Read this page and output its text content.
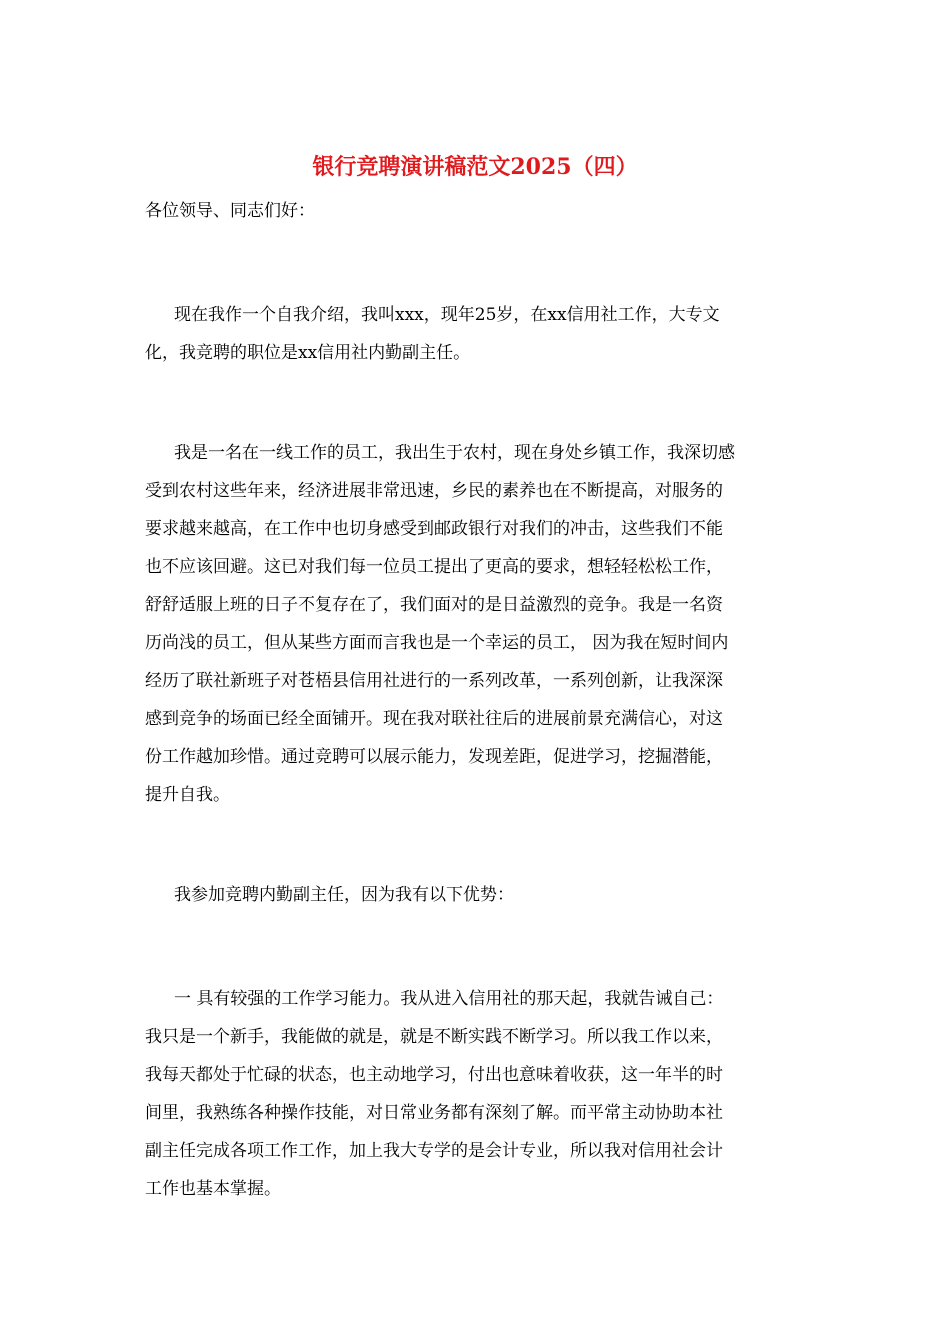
银行竞聘演讲稿范文2025（四）
各位领导、同志们好：
现在我作一个自我介绍，我叫xxx，现年25岁，在xx信用社工作，大专文
化，我竞聘的职位是xx信用社内勤副主任。
我是一名在一线工作的员工，我出生于农村，现在身处乡镇工作，我深切感
受到农村这些年来，经济进展非常迅速，乡民的素养也在不断提高，对服务的
要求越来越高，在工作中也切身感受到邮政银行对我们的冲击，这些我们不能
也不应该回避。这已对我们每一位员工提出了更高的要求，想轻轻松松工作，
舒舒适服上班的日子不复存在了，我们面对的是日益激烈的竞争。我是一名资
历尚浅的员工，但从某些方面而言我也是一个幸运的员工， 因为我在短时间内
经历了联社新班子对苍梧县信用社进行的一系列改革，一系列创新，让我深深
感到竞争的场面已经全面铺开。现在我对联社往后的进展前景充满信心，对这
份工作越加珍惜。通过竞聘可以展示能力，发现差距，促进学习，挖掘潜能，
提升自我。
我参加竞聘内勤副主任，因为我有以下优势：
一 具有较强的工作学习能力。我从进入信用社的那天起，我就告诫自己：
我只是一个新手，我能做的就是，就是不断实践不断学习。所以我工作以来，
我每天都处于忙碌的状态，也主动地学习，付出也意味着收获，这一年半的时
间里，我熟练各种操作技能，对日常业务都有深刻了解。而平常主动协助本社
副主任完成各项工作工作，加上我大专学的是会计专业，所以我对信用社会计
工作也基本掌握。
